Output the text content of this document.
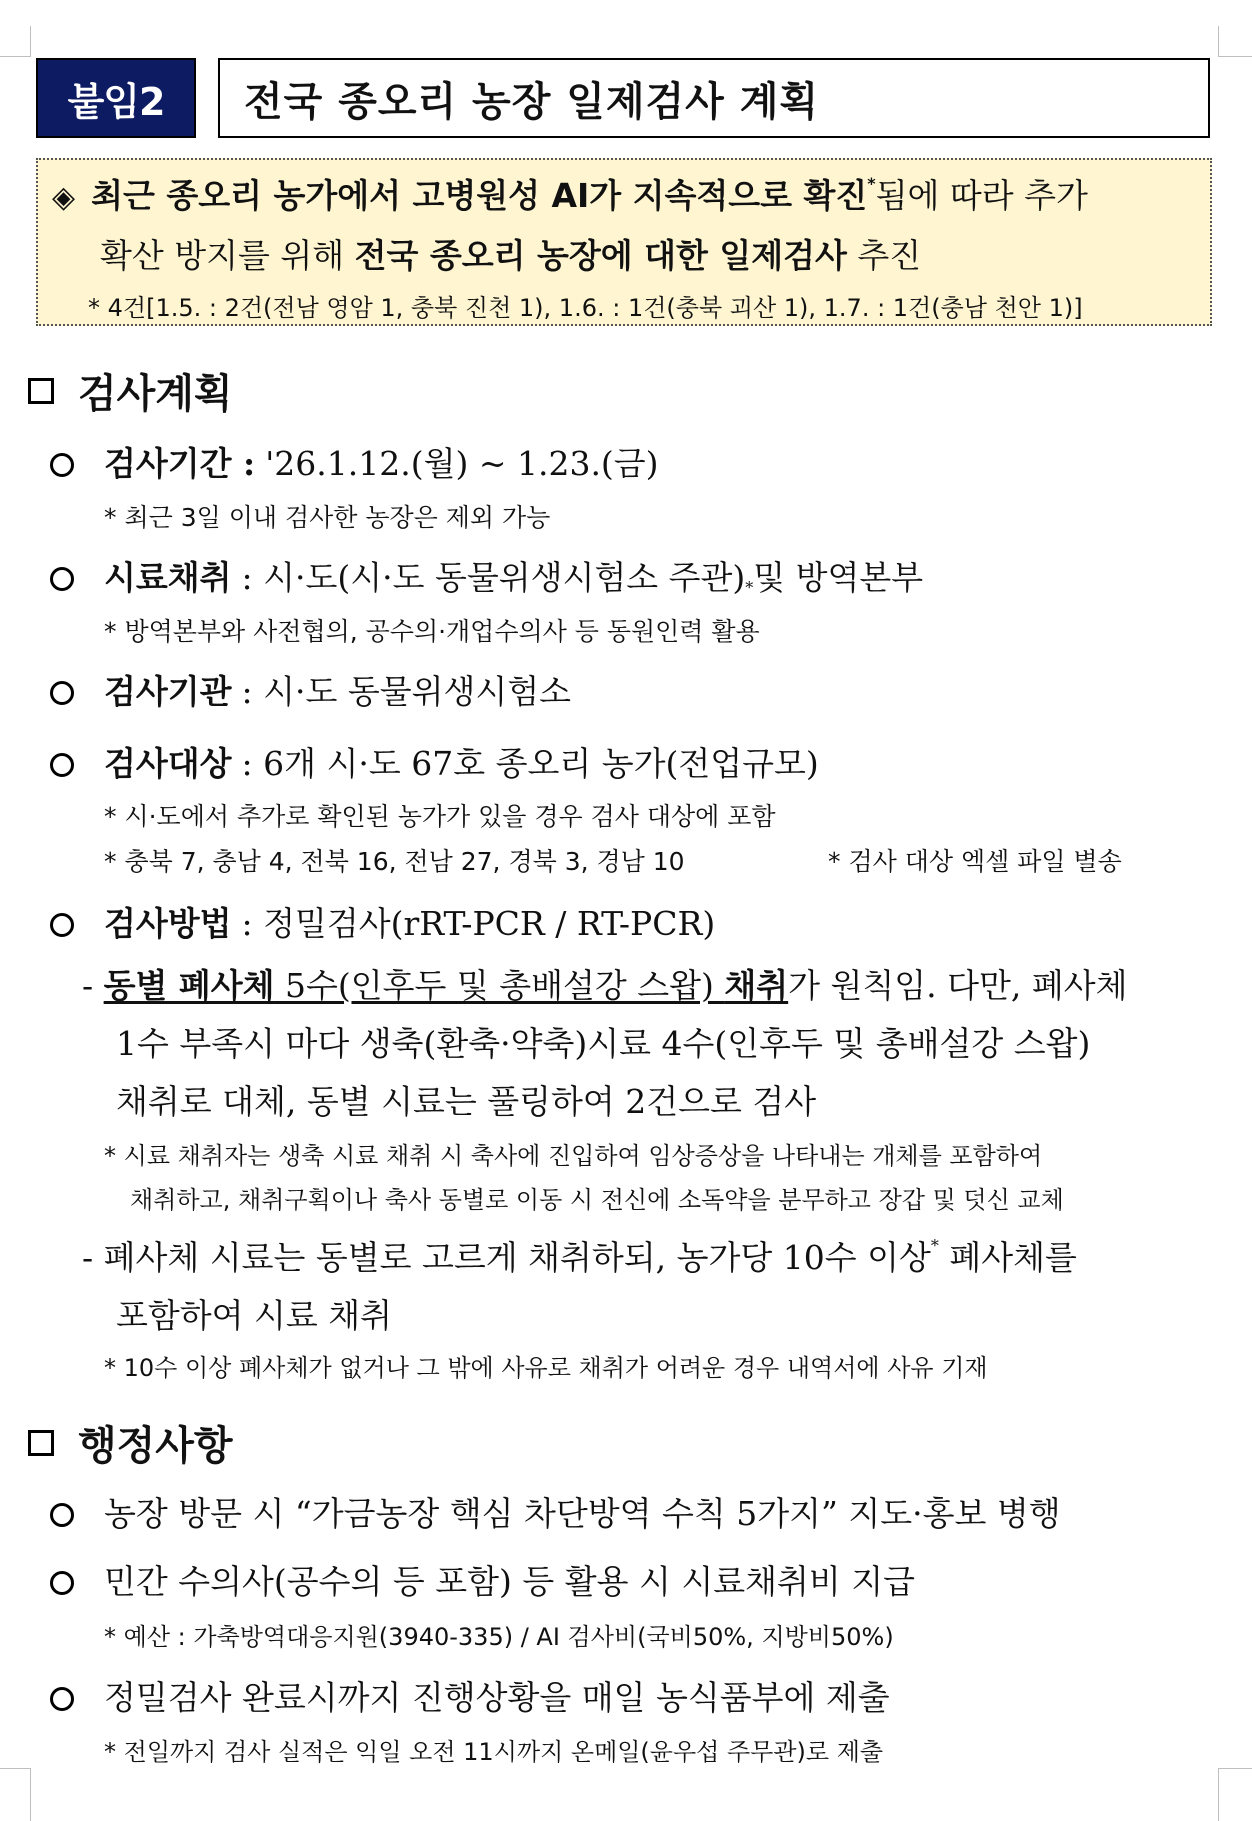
붙임2	전국 종오리 농장 일제검사 계획
◈ 최근 종오리 농가에서 고병원성 AI가 지속적으로 확진*됨에 따라 추가
확산 방지를 위해 전국 종오리 농장에 대한 일제검사 추진
* 4건[1.5. : 2건(전남 영암 1, 충북 진천 1), 1.6. : 1건(충북 괴산 1), 1.7. : 1건(충남 천안 1)]
검사계획
검사기간 : '26.1.12.(월) ~ 1.23.(금)
* 최근 3일 이내 검사한 농장은 제외 가능
시료채취 : 시·도(시·도 동물위생시험소 주관) * 및 방역본부
* 방역본부와 사전협의, 공수의·개업수의사 등 동원인력 활용
검사기관 : 시·도 동물위생시험소
검사대상 : 6개 시·도 67호 종오리 농가(전업규모)
* 시·도에서 추가로 확인된 농가가 있을 경우 검사 대상에 포함
* 충북 7, 충남 4, 전북 16, 전남 27, 경북 3, 경남 10	* 검사 대상 엑셀 파일 별송
검사방법 : 정밀검사(rRT-PCR / RT-PCR)
- 동별 폐사체 5수(인후두 및 총배설강 스왑) 채취가 원칙임. 다만, 폐사체
1수 부족시 마다 생축(환축·약축)시료 4수(인후두 및 총배설강 스왑)
채취로 대체, 동별 시료는 풀링하여 2건으로 검사
* 시료 채취자는 생축 시료 채취 시 축사에 진입하여 임상증상을 나타내는 개체를 포함하여
채취하고, 채취구획이나 축사 동별로 이동 시 전신에 소독약을 분무하고 장갑 및 덧신 교체
- 폐사체 시료는 동별로 고르게 채취하되, 농가당 10수 이상* 폐사체를
포함하여 시료 채취
* 10수 이상 폐사체가 없거나 그 밖에 사유로 채취가 어려운 경우 내역서에 사유 기재
행정사항
농장 방문 시 “가금농장 핵심 차단방역 수칙 5가지” 지도·홍보 병행
민간 수의사(공수의 등 포함) 등 활용 시 시료채취비 지급
* 예산 : 가축방역대응지원(3940-335) / AI 검사비(국비50%, 지방비50%)
정밀검사 완료시까지 진행상황을 매일 농식품부에 제출
* 전일까지 검사 실적은 익일 오전 11시까지 온메일(윤우섭 주무관)로 제출
